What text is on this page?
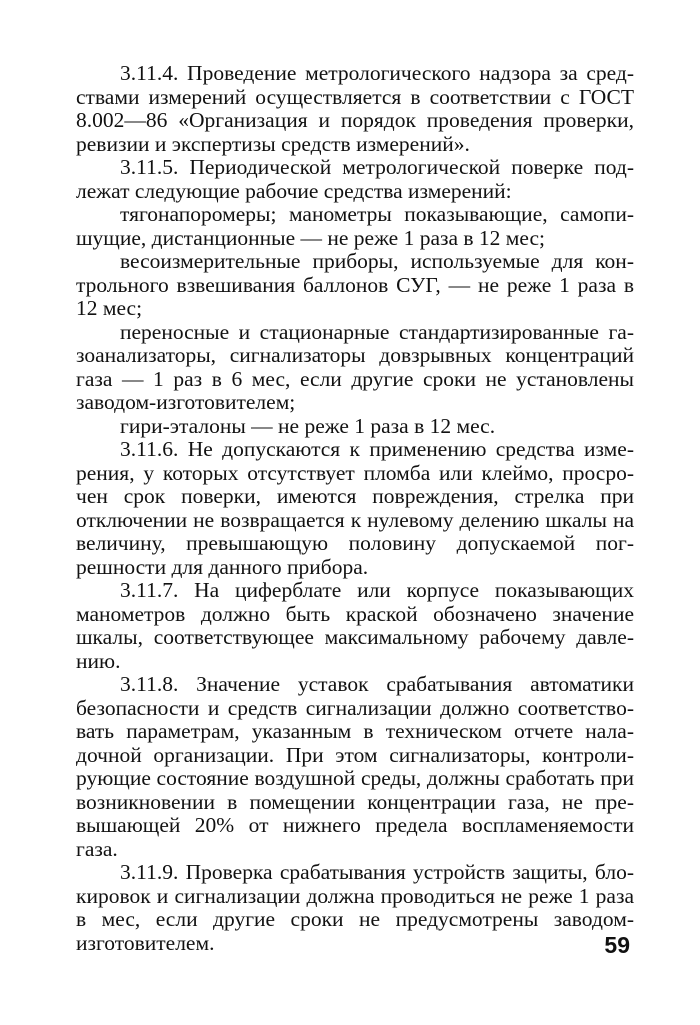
3.11.4. Проведение метрологического надзора за средствами измерений осуществляется в соответствии с ГОСТ 8.002—86 «Организация и порядок проведения проверки, ревизии и экспертизы средств измерений».

3.11.5. Периодической метрологической поверке подлежат следующие рабочие средства измерений:

тягонапоромеры; манометры показывающие, самопишущие, дистанционные — не реже 1 раза в 12 мес;

весоизмерительные приборы, используемые для контрольного взвешивания баллонов СУГ, — не реже 1 раза в 12 мес;

переносные и стационарные стандартизированные газоанализаторы, сигнализаторы довзрывных концентраций газа — 1 раз в 6 мес, если другие сроки не установлены заводом-изготовителем;

гири-эталоны — не реже 1 раза в 12 мес.

3.11.6. Не допускаются к применению средства измерения, у которых отсутствует пломба или клеймо, просрочен срок поверки, имеются повреждения, стрелка при отключении не возвращается к нулевому делению шкалы на величину, превышающую половину допускаемой погрешности для данного прибора.

3.11.7. На циферблате или корпусе показывающих манометров должно быть краской обозначено значение шкалы, соответствующее максимальному рабочему давлению.

3.11.8. Значение уставок срабатывания автоматики безопасности и средств сигнализации должно соответствовать параметрам, указанным в техническом отчете наладочной организации. При этом сигнализаторы, контролирующие состояние воздушной среды, должны сработать при возникновении в помещении концентрации газа, не превышающей 20% от нижнего предела воспламеняемости газа.

3.11.9. Проверка срабатывания устройств защиты, блокировок и сигнализации должна проводиться не реже 1 раза в мес, если другие сроки не предусмотрены заводом-изготовителем.	59
